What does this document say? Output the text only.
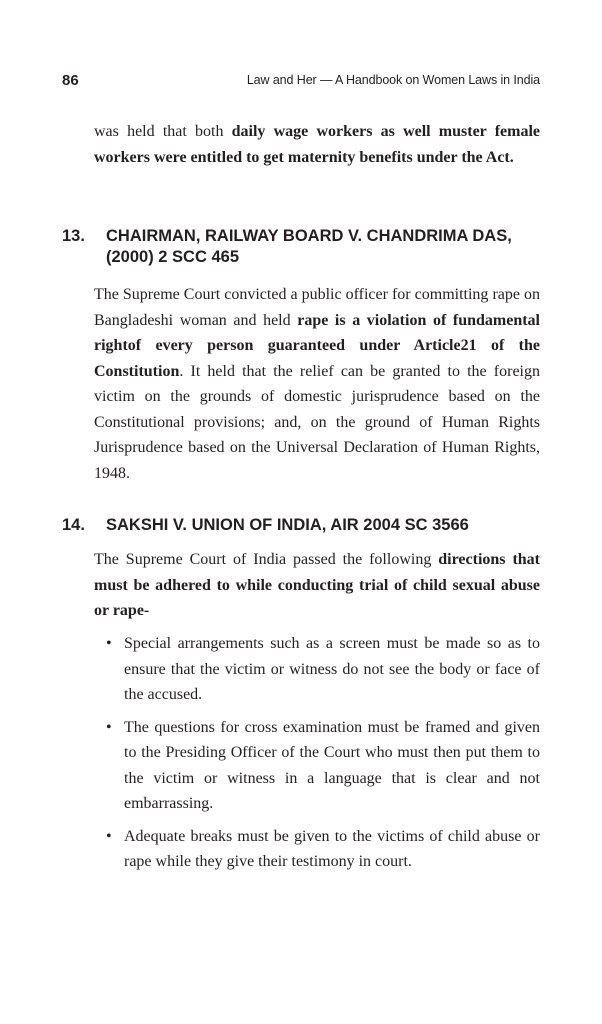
86	Law and Her — A Handbook on Women Laws in India

was held that both daily wage workers as well muster female workers were entitled to get maternity benefits under the Act.

13. CHAIRMAN, RAILWAY BOARD V. CHANDRIMA DAS, (2000) 2 SCC 465

The Supreme Court convicted a public officer for committing rape on Bangladeshi woman and held rape is a violation of fundamental rightof every person guaranteed under Article21 of the Constitution. It held that the relief can be granted to the foreign victim on the grounds of domestic jurisprudence based on the Constitutional provisions; and, on the ground of Human Rights Jurisprudence based on the Universal Declaration of Human Rights, 1948.

14. SAKSHI V. UNION OF INDIA, AIR 2004 SC 3566

The Supreme Court of India passed the following directions that must be adhered to while conducting trial of child sexual abuse or rape-

• Special arrangements such as a screen must be made so as to ensure that the victim or witness do not see the body or face of the accused.
• The questions for cross examination must be framed and given to the Presiding Officer of the Court who must then put them to the victim or witness in a language that is clear and not embarrassing.
• Adequate breaks must be given to the victims of child abuse or rape while they give their testimony in court.
